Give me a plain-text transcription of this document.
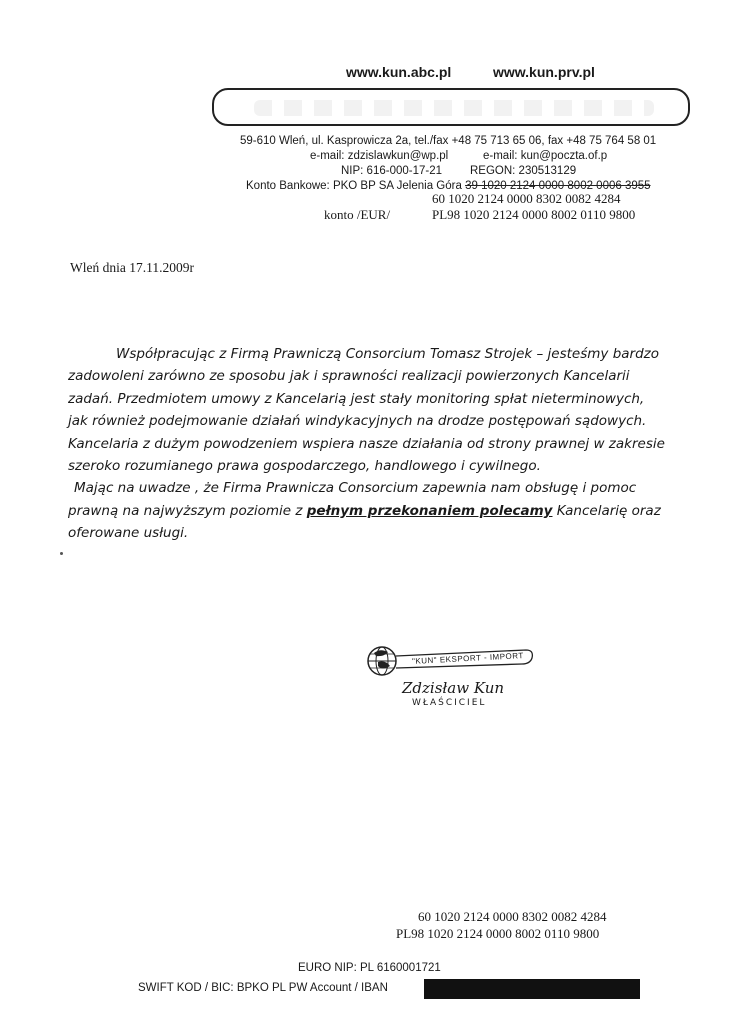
www.kun.abc.pl	www.kun.prv.pl
59-610 Wleń, ul. Kasprowicza 2a, tel./fax +48 75 713 65 06, fax +48 75 764 58 01
e-mail: zdzislawkun@wp.pl	e-mail: kun@poczta.of.p
NIP: 616-000-17-21 REGON: 230513129
Konto Bankowe: PKO BP SA Jelenia Góra 39 1020 2124 0000 8002 0006 3955
60 1020 2124 0000 8302 0082 4284
konto /EUR/	PL98 1020 2124 0000 8002 0110 9800
Wleń dnia 17.11.2009r

Współpracując z Firmą Prawniczą Consorcium Tomasz Strojek – jesteśmy bardzo zadowoleni zarówno ze sposobu jak i sprawności realizacji powierzonych Kancelarii zadań. Przedmiotem umowy z Kancelarią jest stały monitoring spłat nieterminowych, jak również podejmowanie działań windykacyjnych na drodze postępowań sądowych. Kancelaria z dużym powodzeniem wspiera nasze działania od strony prawnej w zakresie szeroko rozumianego prawa gospodarczego, handlowego i cywilnego.

Mając na uwadze , że Firma Prawnicza Consorcium zapewnia nam obsługę i pomoc prawną na najwyższym poziomie z pełnym przekonaniem polecamy Kancelarię oraz oferowane usługi.

"KUN" EKSPORT - IMPORT
Zdzisław Kun
WŁAŚCICIEL
60 1020 2124 0000 8302 0082 4284
PL98 1020 2124 0000 8002 0110 9800
EURO NIP: PL 6160001721
SWIFT KOD / BIC: BPKO PL PW Account / IBAN
